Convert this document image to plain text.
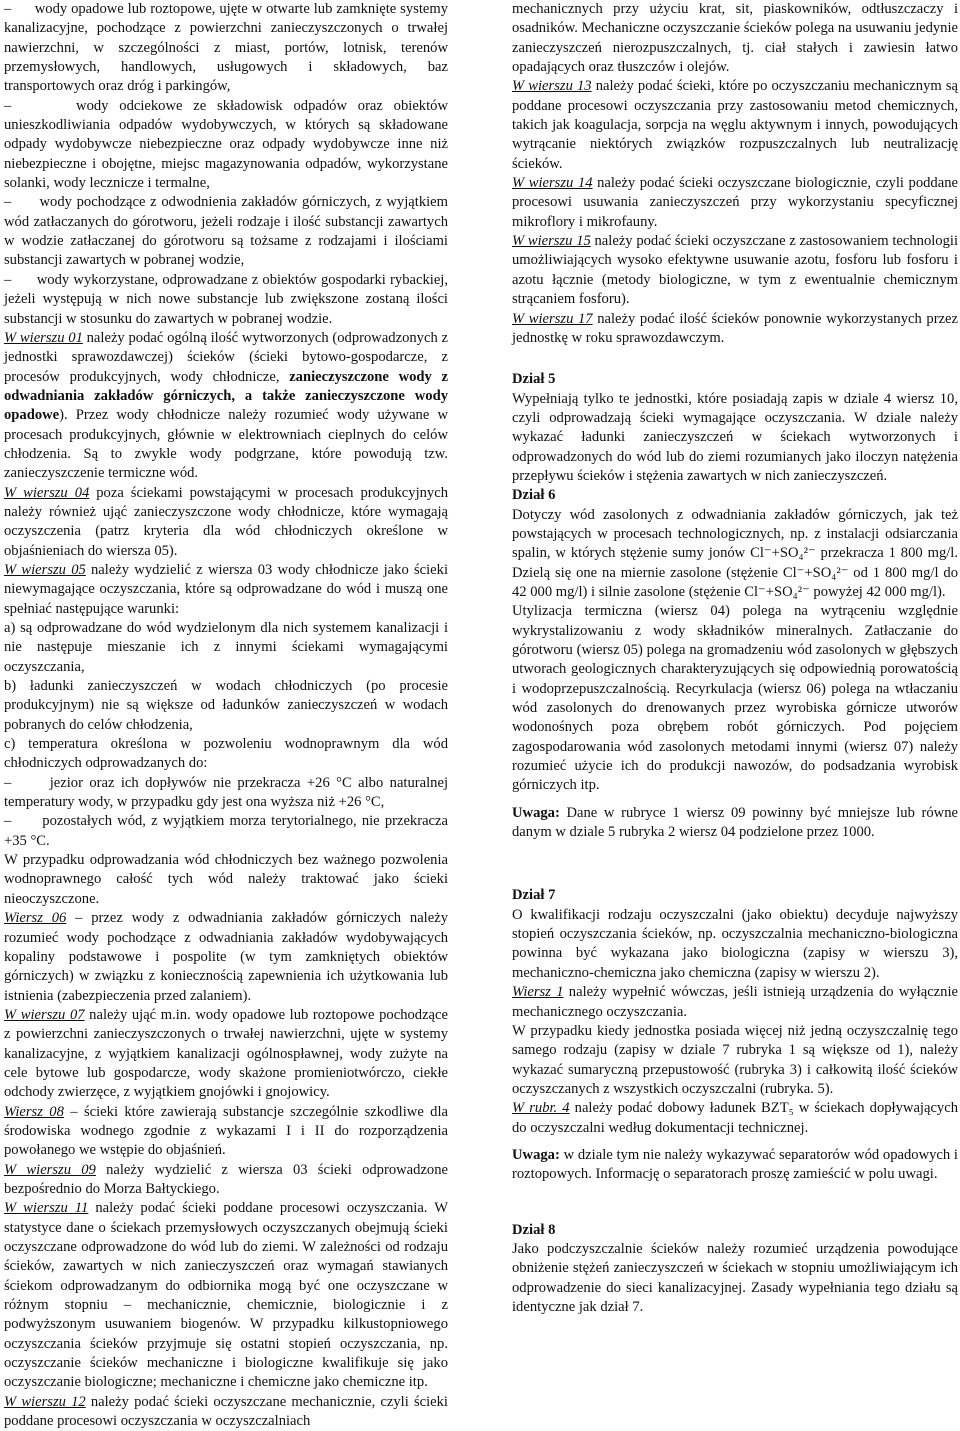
–      wody opadowe lub roztopowe, ujęte w otwarte lub zamknięte systemy kanalizacyjne, pochodzące z powierzchni zanieczyszczonych o trwałej nawierzchni, w szczególności z miast, portów, lotnisk, terenów przemysłowych, handlowych, usługowych i składowych, baz transportowych oraz dróg i parkingów,

–      wody odciekowe ze składowisk odpadów oraz obiektów unieszkodliwiania odpadów wydobywczych, w których są składowane odpady wydobywcze niebezpieczne oraz odpady wydobywcze inne niż niebezpieczne i obojętne, miejsc magazynowania odpadów, wykorzystane solanki, wody lecznicze i termalne,

–      wody pochodzące z odwodnienia zakładów górniczych, z wyjątkiem wód zatłaczanych do górotworu, jeżeli rodzaje i ilość substancji zawartych w wodzie zatłaczanej do górotworu są tożsame z rodzajami i ilościami substancji zawartych w pobranej wodzie,

–      wody wykorzystane, odprowadzane z obiektów gospodarki rybackiej, jeżeli występują w nich nowe substancje lub zwiększone zostaną ilości substancji w stosunku do zawartych w pobranej wodzie.

W wierszu 01 należy podać ogólną ilość wytworzonych (odprowadzonych z jednostki sprawozdawczej) ścieków (ścieki bytowo-gospodarcze, z procesów produkcyjnych, wody chłodnicze, zanieczyszczone wody z odwadniania zakładów górniczych, a także zanieczyszczone wody opadowe). Przez wody chłodnicze należy rozumieć wody używane w procesach produkcyjnych, głównie w elektrowniach cieplnych do celów chłodzenia. Są to zwykle wody podgrzane, które powodują tzw. zanieczyszczenie termiczne wód.

W wierszu 04 poza ściekami powstającymi w procesach produkcyjnych należy również ująć zanieczyszczone wody chłodnicze, które wymagają oczyszczenia (patrz kryteria dla wód chłodniczych określone w objaśnieniach do wiersza 05).

W wierszu 05 należy wydzielić z wiersza 03 wody chłodnicze jako ścieki niewymagające oczyszczania, które są odprowadzane do wód i muszą one spełniać następujące warunki:

a) są odprowadzane do wód wydzielonym dla nich systemem kanalizacji i nie następuje mieszanie ich z innymi ściekami wymagającymi oczyszczania,

b) ładunki zanieczyszczeń w wodach chłodniczych (po procesie produkcyjnym) nie są większe od ładunków zanieczyszczeń w wodach pobranych do celów chłodzenia,

c) temperatura określona w pozwoleniu wodnoprawnym dla wód chłodniczych odprowadzanych do:

–      jezior oraz ich dopływów nie przekracza +26 °C albo naturalnej temperatury wody, w przypadku gdy jest ona wyższa niż +26 °C,

–      pozostałych wód, z wyjątkiem morza terytorialnego, nie przekracza +35 °C.

W przypadku odprowadzania wód chłodniczych bez ważnego pozwolenia wodnoprawnego całość tych wód należy traktować jako ścieki nieoczyszczone.

Wiersz 06 – przez wody z odwadniania zakładów górniczych należy rozumieć wody pochodzące z odwadniania zakładów wydobywających kopaliny podstawowe i pospolite (w tym zamkniętych obiektów górniczych) w związku z koniecznością zapewnienia ich użytkowania lub istnienia (zabezpieczenia przed zalaniem).

W wierszu 07 należy ująć m.in. wody opadowe lub roztopowe pochodzące z powierzchni zanieczyszczonych o trwałej nawierzchni, ujęte w systemy kanalizacyjne, z wyjątkiem kanalizacji ogólnospławnej, wody zużyte na cele bytowe lub gospodarcze, wody skażone promieniotwórczo, ciekłe odchody zwierzęce, z wyjątkiem gnojówki i gnojowicy.

Wiersz 08 – ścieki które zawierają substancje szczególnie szkodliwe dla środowiska wodnego zgodnie z wykazami I i II do rozporządzenia powołanego we wstępie do objaśnień.

W wierszu 09 należy wydzielić z wiersza 03 ścieki odprowadzone bezpośrednio do Morza Bałtyckiego.

W wierszu 11 należy podać ścieki poddane procesowi oczyszczania. W statystyce dane o ściekach przemysłowych oczyszczanych obejmują ścieki oczyszczane odprowadzone do wód lub do ziemi. W zależności od rodzaju ścieków, zawartych w nich zanieczyszczeń oraz wymagań stawianych ściekom odprowadzanym do odbiornika mogą być one oczyszczane w różnym stopniu – mechanicznie, chemicznie, biologicznie i z podwyższonym usuwaniem biogenów. W przypadku kilkustopniowego oczyszczania ścieków przyjmuje się ostatni stopień oczyszczania, np. oczyszczanie ścieków mechaniczne i biologiczne kwalifikuje się jako oczyszczanie biologiczne; mechaniczne i chemiczne jako chemiczne itp.

W wierszu 12 należy podać ścieki oczyszczane mechanicznie, czyli ścieki poddane procesowi oczyszczania w oczyszczalniach

mechanicznych przy użyciu krat, sit, piaskowników, odtłuszczaczy i osadników. Mechaniczne oczyszczanie ścieków polega na usuwaniu jedynie zanieczyszczeń nierozpuszczalnych, tj. ciał stałych i zawiesin łatwo opadających oraz tłuszczów i olejów.

W wierszu 13 należy podać ścieki, które po oczyszczaniu mechanicznym są poddane procesowi oczyszczania przy zastosowaniu metod chemicznych, takich jak koagulacja, sorpcja na węglu aktywnym i innych, powodujących wytrącanie niektórych związków rozpuszczalnych lub neutralizację ścieków.

W wierszu 14 należy podać ścieki oczyszczane biologicznie, czyli poddane procesowi usuwania zanieczyszczeń przy wykorzystaniu specyficznej mikroflory i mikrofauny.

W wierszu 15 należy podać ścieki oczyszczane z zastosowaniem technologii umożliwiających wysoko efektywne usuwanie azotu, fosforu lub fosforu i azotu łącznie (metody biologiczne, w tym z ewentualnie chemicznym strącaniem fosforu).

W wierszu 17 należy podać ilość ścieków ponownie wykorzystanych przez jednostkę w roku sprawozdawczym.

Dział 5

Wypełniają tylko te jednostki, które posiadają zapis w dziale 4 wiersz 10, czyli odprowadzają ścieki wymagające oczyszczania. W dziale należy wykazać ładunki zanieczyszczeń w ściekach wytworzonych i odprowadzonych do wód lub do ziemi rozumianych jako iloczyn natężenia przepływu ścieków i stężenia zawartych w nich zanieczyszczeń.

Dział 6

Dotyczy wód zasolonych z odwadniania zakładów górniczych, jak też powstających w procesach technologicznych, np. z instalacji odsiarczania spalin, w których stężenie sumy jonów Cl⁻+SO₄²⁻ przekracza 1 800 mg/l. Dzielą się one na miernie zasolone (stężenie Cl⁻+SO₄²⁻ od 1 800 mg/l do 42 000 mg/l) i silnie zasolone (stężenie Cl⁻+SO₄²⁻ powyżej 42 000 mg/l).

Utylizacja termiczna (wiersz 04) polega na wytrąceniu względnie wykrystalizowaniu z wody składników mineralnych. Zatłaczanie do górotworu (wiersz 05) polega na gromadzeniu wód zasolonych w głębszych utworach geologicznych charakteryzujących się odpowiednią porowatością i wodoprzepuszczalnością. Recyrkulacja (wiersz 06) polega na wtłaczaniu wód zasolonych do drenowanych przez wyrobiska górnicze utworów wodonośnych poza obrębem robót górniczych. Pod pojęciem zagospodarowania wód zasolonych metodami innymi (wiersz 07) należy rozumieć użycie ich do produkcji nawozów, do podsadzania wyrobisk górniczych itp.

Uwaga: Dane w rubryce 1 wiersz 09 powinny być mniejsze lub równe danym w dziale 5 rubryka 2 wiersz 04 podzielone przez 1000.

Dział 7

O kwalifikacji rodzaju oczyszczalni (jako obiektu) decyduje najwyższy stopień oczyszczania ścieków, np. oczyszczalnia mechaniczno-biologiczna powinna być wykazana jako biologiczna (zapisy w wierszu 3), mechaniczno-chemiczna jako chemiczna (zapisy w wierszu 2).

Wiersz 1 należy wypełnić wówczas, jeśli istnieją urządzenia do wyłącznie mechanicznego oczyszczania.

W przypadku kiedy jednostka posiada więcej niż jedną oczyszczalnię tego samego rodzaju (zapisy w dziale 7 rubryka 1 są większe od 1), należy wykazać sumaryczną przepustowość (rubryka 3) i całkowitą ilość ścieków oczyszczanych z wszystkich oczyszczalni (rubryka. 5).

W rubr. 4 należy podać dobowy ładunek BZT₅ w ściekach dopływających do oczyszczalni według dokumentacji technicznej.

Uwaga: w dziale tym nie należy wykazywać separatorów wód opadowych i roztopowych. Informację o separatorach proszę zamieścić w polu uwagi.

Dział 8

Jako podczyszczalnie ścieków należy rozumieć urządzenia powodujące obniżenie stężeń zanieczyszczeń w ściekach w stopniu umożliwiającym ich odprowadzenie do sieci kanalizacyjnej. Zasady wypełniania tego działu są identyczne jak dział 7.
